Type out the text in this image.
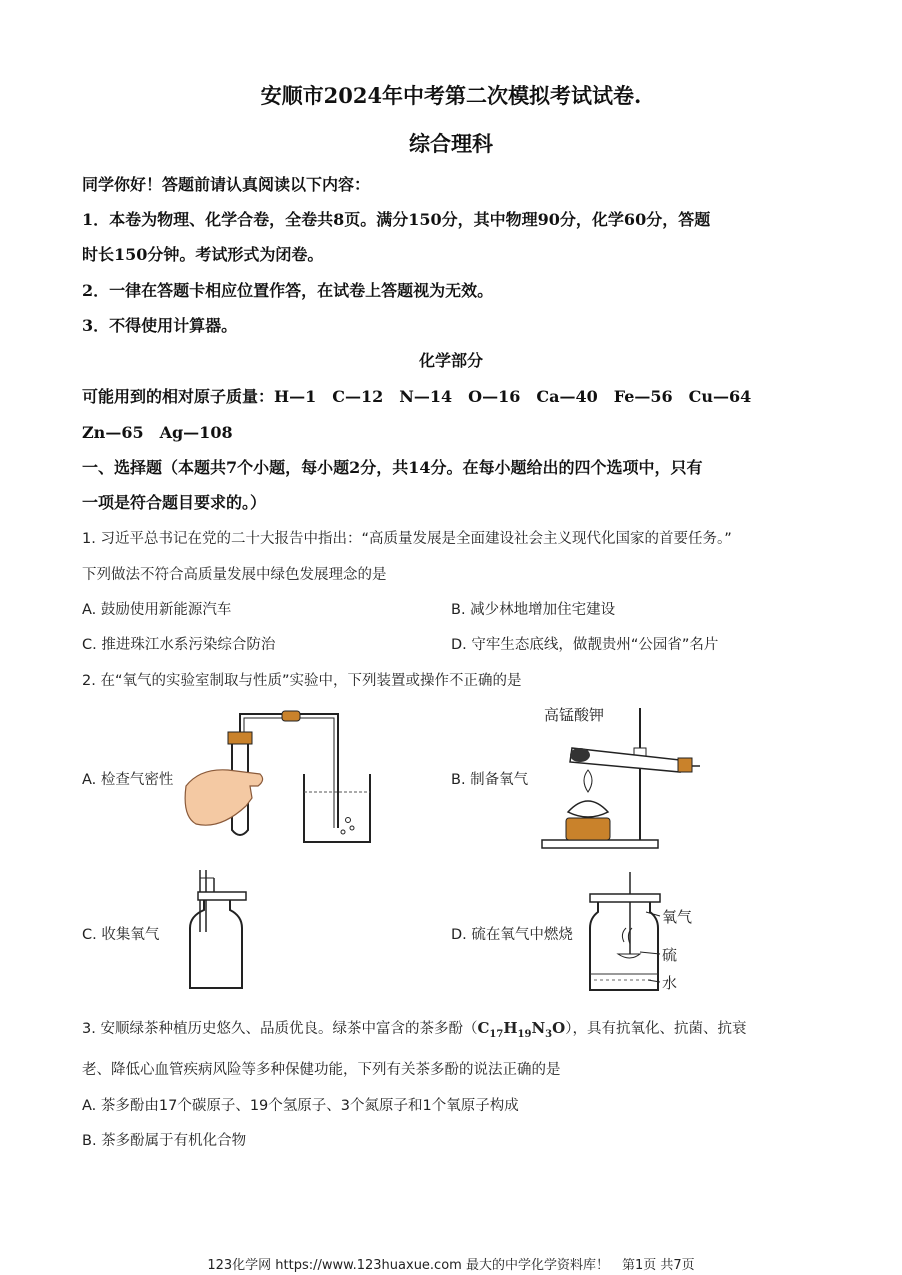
安顺市2024年中考第二次模拟考试试卷.
综合理科
同学你好！答题前请认真阅读以下内容：
1．本卷为物理、化学合卷，全卷共8页。满分150分，其中物理90分，化学60分，答题
时长150分钟。考试形式为闭卷。
2．一律在答题卡相应位置作答，在试卷上答题视为无效。
3．不得使用计算器。
化学部分
可能用到的相对原子质量：H—1　C—12　N—14　O—16　Ca—40　Fe—56　Cu—64
Zn—65　Ag—108
一、选择题（本题共7个小题，每小题2分，共14分。在每小题给出的四个选项中，只有
一项是符合题目要求的。）
1. 习近平总书记在党的二十大报告中指出：“高质量发展是全面建设社会主义现代化国家的首要任务。”
下列做法不符合高质量发展中绿色发展理念的是
A. 鼓励使用新能源汽车	B. 减少林地增加住宅建设
C. 推进珠江水系污染综合防治	D. 守牢生态底线，做靓贵州“公园省”名片
2. 在“氧气的实验室制取与性质”实验中，下列装置或操作不正确的是
A. 检查气密性	B. 制备氧气
C. 收集氧气	D. 硫在氧气中燃烧
高锰酸钾
氧气
硫
水
3. 安顺绿茶种植历史悠久、品质优良。绿茶中富含的茶多酚$(C_{17}H_{19}N_3O)$，具有抗氧化、抗菌、抗衰
老、降低心血管疾病风险等多种保健功能，下列有关茶多酚的说法正确的是
A. 茶多酚由17个碳原子、19个氢原子、3个氮原子和1个氧原子构成
B. 茶多酚属于有机化合物
123化学网 https://www.123huaxue.com 最大的中学化学资料库！　第1页 共7页
